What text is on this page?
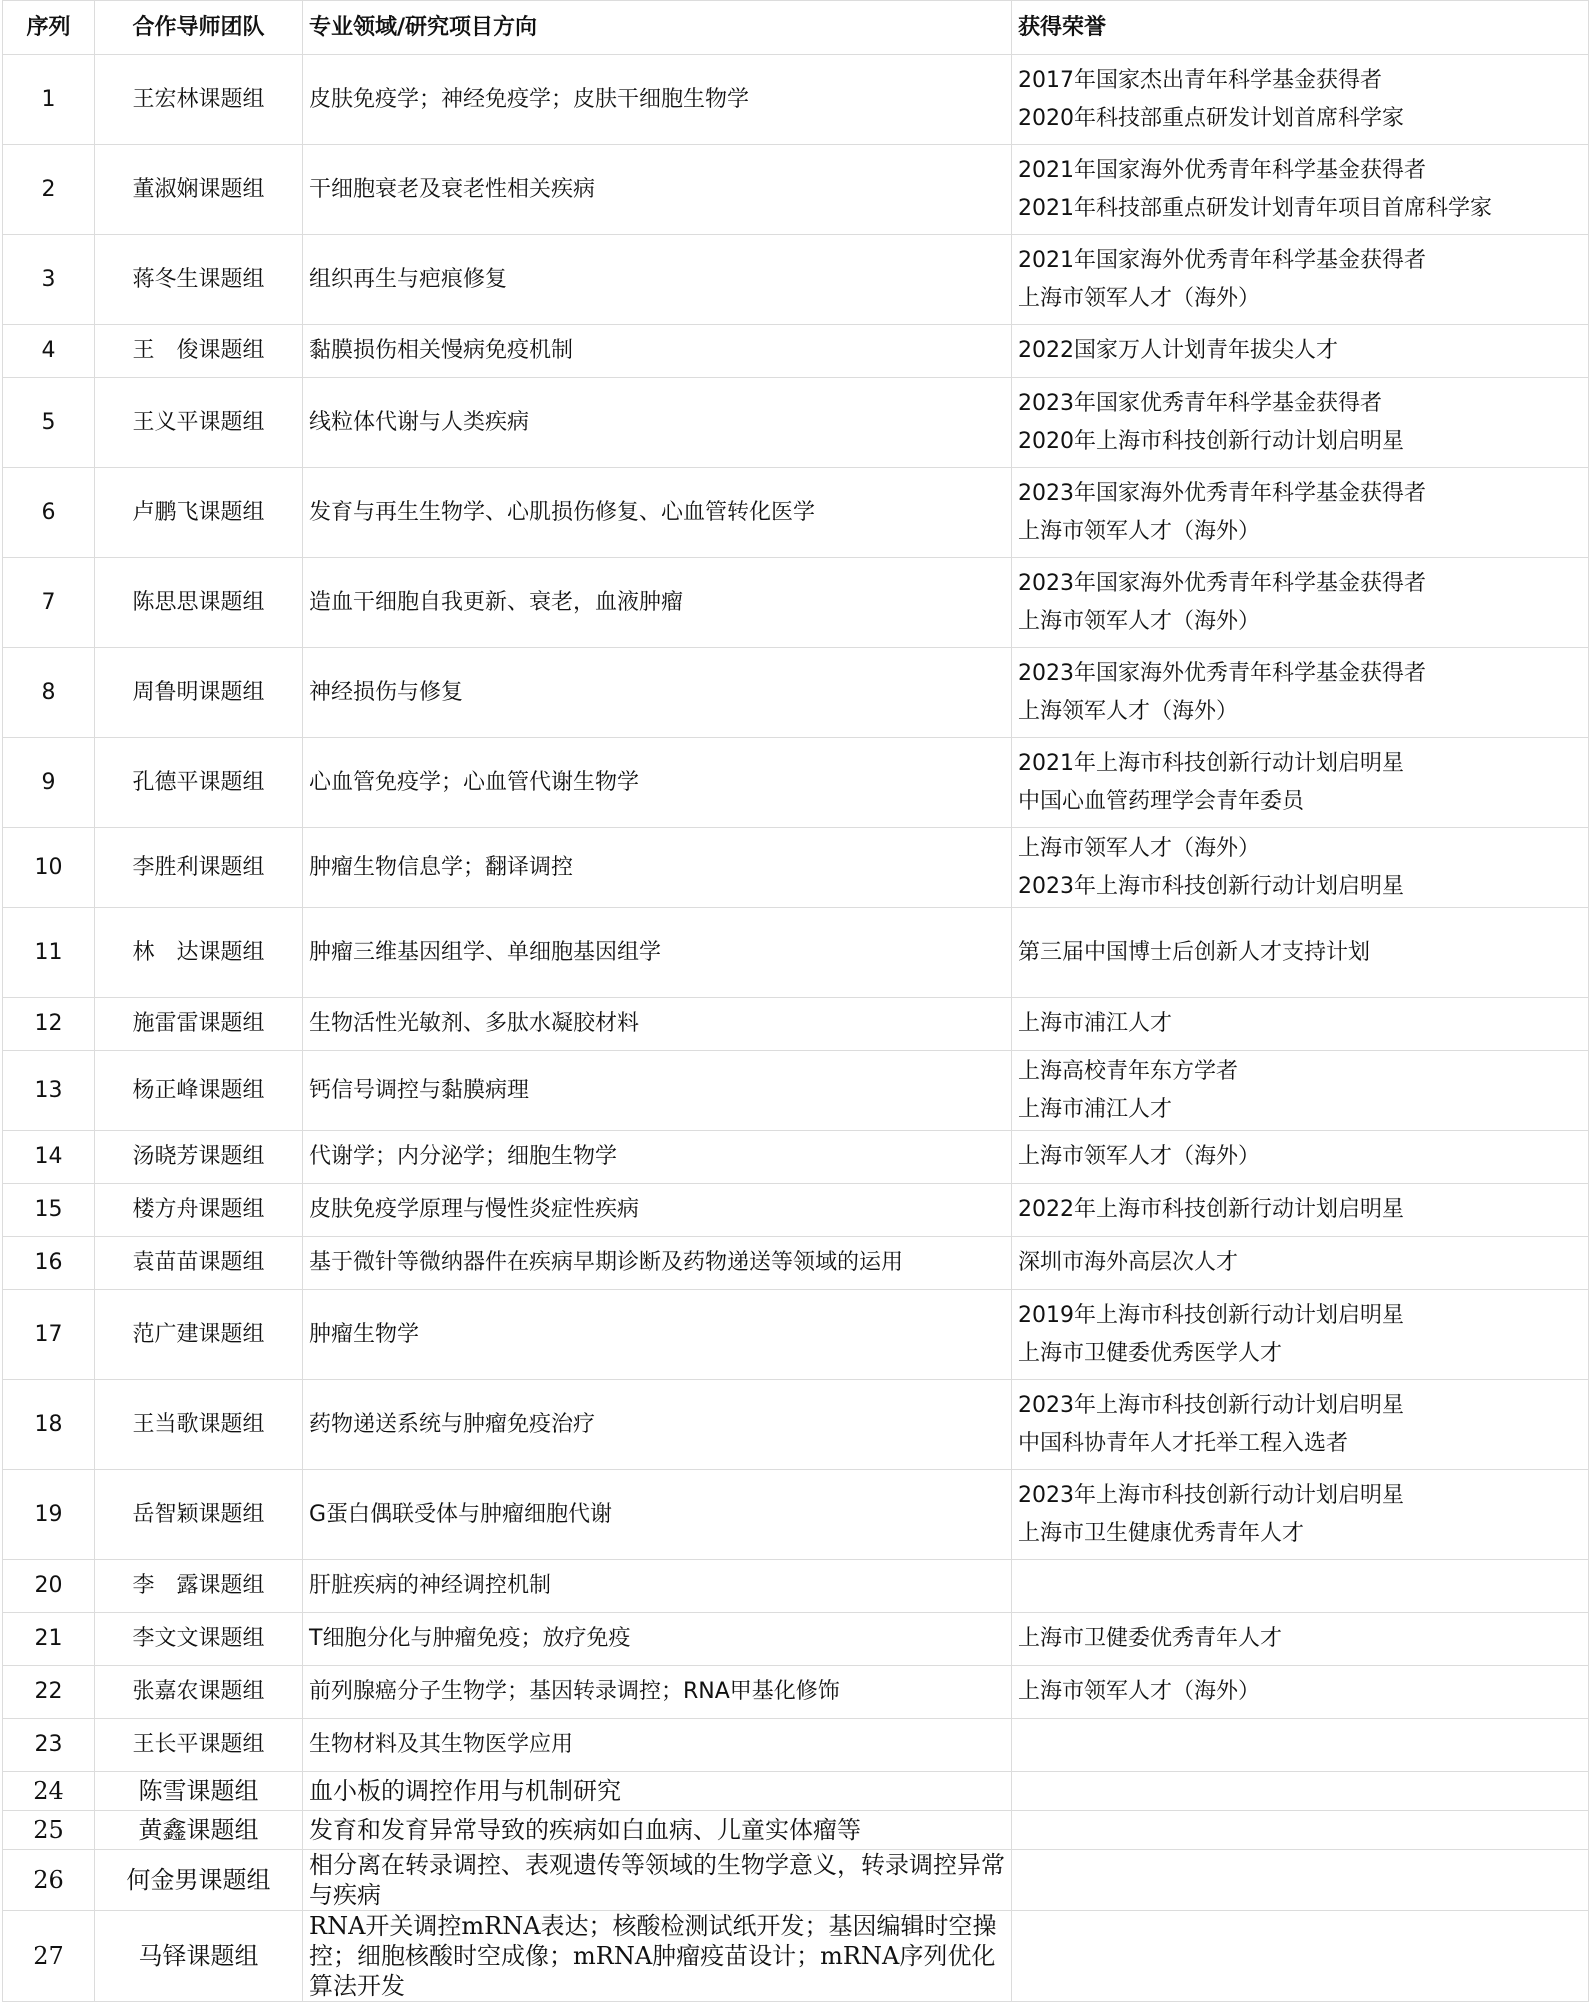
序列	合作导师团队	专业领域/研究项目方向	获得荣誉
1	王宏林课题组	皮肤免疫学；神经免疫学；皮肤干细胞生物学	2017年国家杰出青年科学基金获得者
2020年科技部重点研发计划首席科学家

2	董淑娴课题组	干细胞衰老及衰老性相关疾病	2021年国家海外优秀青年科学基金获得者
2021年科技部重点研发计划青年项目首席科学家

3	蒋冬生课题组	组织再生与疤痕修复	2021年国家海外优秀青年科学基金获得者
上海市领军人才（海外）

4	王　俊课题组	黏膜损伤相关慢病免疫机制	2022国家万人计划青年拔尖人才

5	王义平课题组	线粒体代谢与人类疾病	2023年国家优秀青年科学基金获得者
2020年上海市科技创新行动计划启明星

6	卢鹏飞课题组	发育与再生生物学、心肌损伤修复、心血管转化医学	2023年国家海外优秀青年科学基金获得者
上海市领军人才（海外）

7	陈思思课题组	造血干细胞自我更新、衰老，血液肿瘤	2023年国家海外优秀青年科学基金获得者
上海市领军人才（海外）

8	周鲁明课题组	神经损伤与修复	2023年国家海外优秀青年科学基金获得者
上海领军人才（海外）

9	孔德平课题组	心血管免疫学；心血管代谢生物学	2021年上海市科技创新行动计划启明星
中国心血管药理学会青年委员

10	李胜利课题组	肿瘤生物信息学；翻译调控	上海市领军人才（海外）
2023年上海市科技创新行动计划启明星

11	林　达课题组	肿瘤三维基因组学、单细胞基因组学	第三届中国博士后创新人才支持计划

12	施雷雷课题组	生物活性光敏剂、多肽水凝胶材料	上海市浦江人才

13	杨正峰课题组	钙信号调控与黏膜病理	上海高校青年东方学者
上海市浦江人才

14	汤晓芳课题组	代谢学；内分泌学；细胞生物学	上海市领军人才（海外）

15	楼方舟课题组	皮肤免疫学原理与慢性炎症性疾病	2022年上海市科技创新行动计划启明星

16	袁苗苗课题组	基于微针等微纳器件在疾病早期诊断及药物递送等领域的运用	深圳市海外高层次人才

17	范广建课题组	肿瘤生物学	2019年上海市科技创新行动计划启明星
上海市卫健委优秀医学人才

18	王当歌课题组	药物递送系统与肿瘤免疫治疗	2023年上海市科技创新行动计划启明星
中国科协青年人才托举工程入选者

19	岳智颖课题组	G蛋白偶联受体与肿瘤细胞代谢	2023年上海市科技创新行动计划启明星
上海市卫生健康优秀青年人才

20	李　露课题组	肝脏疾病的神经调控机制	
21	李文文课题组	T细胞分化与肿瘤免疫；放疗免疫	上海市卫健委优秀青年人才

22	张嘉农课题组	前列腺癌分子生物学；基因转录调控；RNA甲基化修饰	上海市领军人才（海外）

23	王长平课题组	生物材料及其生物医学应用	
24	陈雪课题组	血小板的调控作用与机制研究	
25	黄鑫课题组	发育和发育异常导致的疾病如白血病、儿童实体瘤等	
26	何金男课题组	相分离在转录调控、表观遗传等领域的生物学意义，转录调控异常与疾病	
27	马铎课题组	RNA开关调控mRNA表达；核酸检测试纸开发；基因编辑时空操控；细胞核酸时空成像；mRNA肿瘤疫苗设计；mRNA序列优化算法开发	
